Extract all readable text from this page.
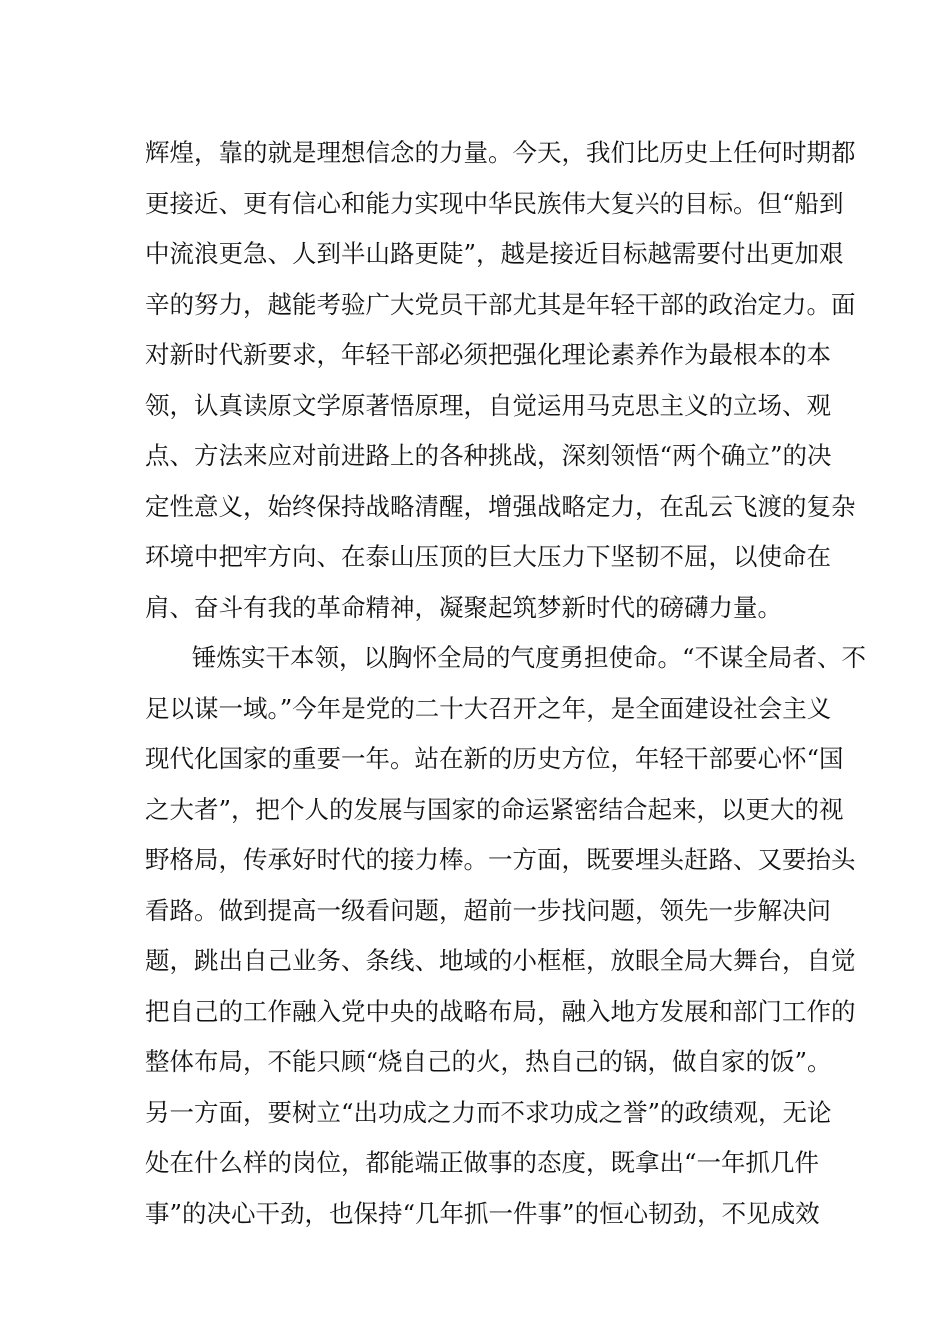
辉煌，靠的就是理想信念的力量。今天，我们比历史上任何时期都
更接近、更有信心和能力实现中华民族伟大复兴的目标。但“船到
中流浪更急、人到半山路更陡”，越是接近目标越需要付出更加艰
辛的努力，越能考验广大党员干部尤其是年轻干部的政治定力。面
对新时代新要求，年轻干部必须把强化理论素养作为最根本的本
领，认真读原文学原著悟原理，自觉运用马克思主义的立场、观
点、方法来应对前进路上的各种挑战，深刻领悟“两个确立”的决
定性意义，始终保持战略清醒，增强战略定力，在乱云飞渡的复杂
环境中把牢方向、在泰山压顶的巨大压力下坚韧不屈，以使命在
肩、奋斗有我的革命精神，凝聚起筑梦新时代的磅礴力量。
锤炼实干本领，以胸怀全局的气度勇担使命。“不谋全局者、不
足以谋一域。”今年是党的二十大召开之年，是全面建设社会主义
现代化国家的重要一年。站在新的历史方位，年轻干部要心怀“国
之大者”，把个人的发展与国家的命运紧密结合起来，以更大的视
野格局，传承好时代的接力棒。一方面，既要埋头赶路、又要抬头
看路。做到提高一级看问题，超前一步找问题，领先一步解决问
题，跳出自己业务、条线、地域的小框框，放眼全局大舞台，自觉
把自己的工作融入党中央的战略布局，融入地方发展和部门工作的
整体布局，不能只顾“烧自己的火，热自己的锅，做自家的饭”。
另一方面，要树立“出功成之力而不求功成之誉”的政绩观，无论
处在什么样的岗位，都能端正做事的态度，既拿出“一年抓几件
事”的决心干劲，也保持“几年抓一件事”的恒心韧劲，不见成效
